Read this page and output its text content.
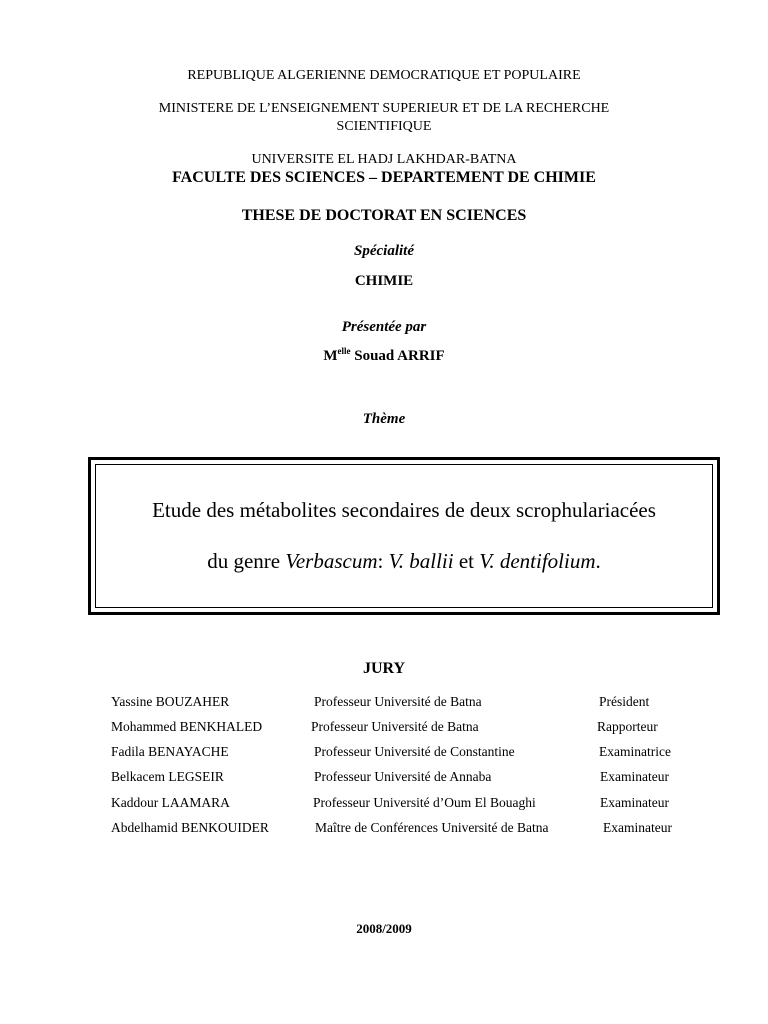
REPUBLIQUE ALGERIENNE DEMOCRATIQUE ET POPULAIRE
MINISTERE DE L’ENSEIGNEMENT SUPERIEUR ET DE LA RECHERCHE
SCIENTIFIQUE
UNIVERSITE EL HADJ LAKHDAR-BATNA
FACULTE DES SCIENCES – DEPARTEMENT DE CHIMIE
THESE DE DOCTORAT EN SCIENCES
Spécialité
CHIMIE
Présentée par
$M^{elle}$ Souad ARRIF
Thème
Etude des métabolites secondaires de deux scrophulariacées
du genre Verbascum: V. ballii et V. dentifolium.
JURY
Yassine BOUZAHER	Professeur Université de Batna	Président
Mohammed BENKHALED	Professeur Université de Batna	Rapporteur
Fadila BENAYACHE	Professeur Université de Constantine	Examinatrice
Belkacem LEGSEIR	Professeur Université de Annaba	Examinateur
Kaddour LAAMARA	Professeur Université d’Oum El Bouaghi	Examinateur
Abdelhamid BENKOUIDER	Maître de Conférences Université de Batna	Examinateur
2008/2009
